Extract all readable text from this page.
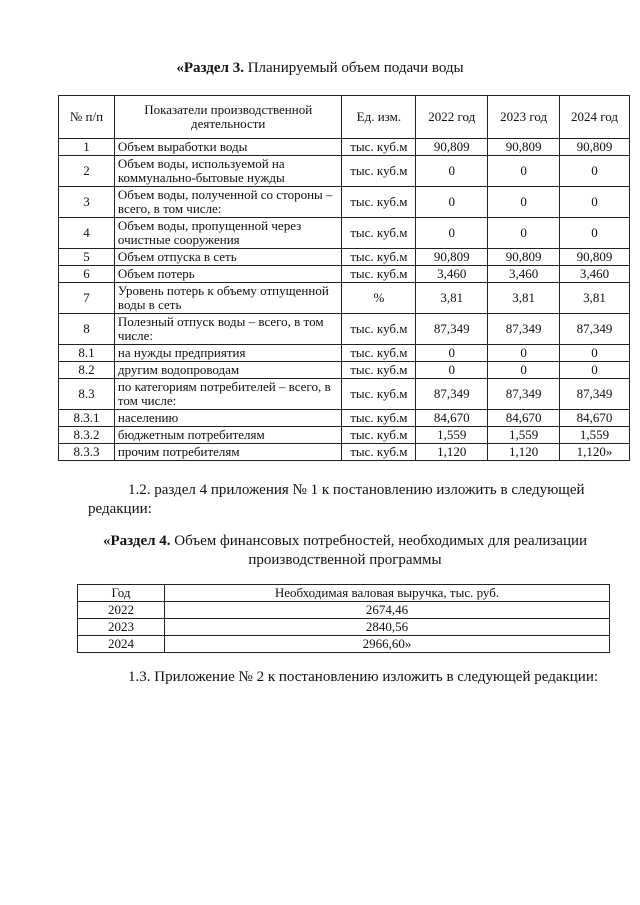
«Раздел 3. Планируемый объем подачи воды
№ п/п	Показатели производственной деятельности	Ед. изм.	2022 год	2023 год	2024 год
1	Объем выработки воды	тыс. куб.м	90,809	90,809	90,809
2	Объем воды, используемой на коммунально-бытовые нужды	тыс. куб.м	0	0	0
3	Объем воды, полученной со стороны – всего, в том числе:	тыс. куб.м	0	0	0
4	Объем воды, пропущенной через очистные сооружения	тыс. куб.м	0	0	0
5	Объем отпуска в сеть	тыс. куб.м	90,809	90,809	90,809
6	Объем потерь	тыс. куб.м	3,460	3,460	3,460
7	Уровень потерь к объему отпущенной воды в сеть	%	3,81	3,81	3,81
8	Полезный отпуск воды – всего, в том числе:	тыс. куб.м	87,349	87,349	87,349
8.1	на нужды предприятия	тыс. куб.м	0	0	0
8.2	другим водопроводам	тыс. куб.м	0	0	0
8.3	по категориям потребителей – всего, в том числе:	тыс. куб.м	87,349	87,349	87,349
8.3.1	населению	тыс. куб.м	84,670	84,670	84,670
8.3.2	бюджетным потребителям	тыс. куб.м	1,559	1,559	1,559
8.3.3	прочим потребителям	тыс. куб.м	1,120	1,120	1,120»
1.2. раздел 4 приложения № 1 к постановлению изложить в следующей редакции:
«Раздел 4. Объем финансовых потребностей, необходимых для реализации производственной программы
Год	Необходимая валовая выручка, тыс. руб.
2022	2674,46
2023	2840,56
2024	2966,60»
1.3. Приложение № 2 к постановлению изложить в следующей редакции:
